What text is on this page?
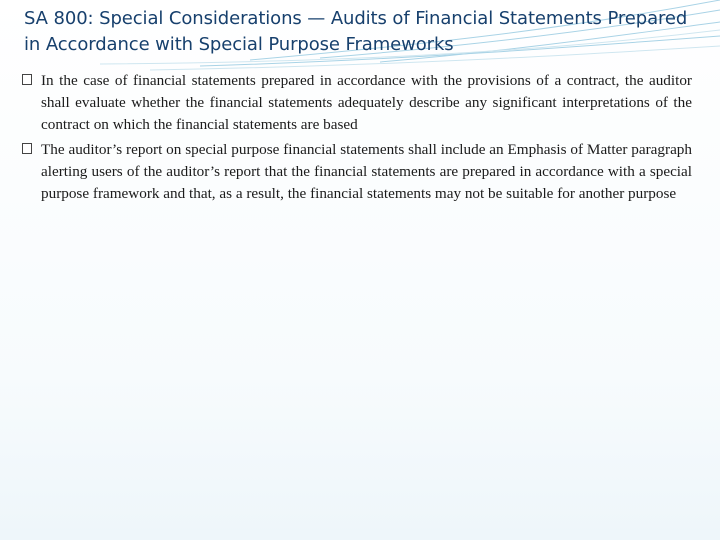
SA 800: Special Considerations — Audits of Financial Statements Prepared in Accordance with Special Purpose Frameworks

In the case of financial statements prepared in accordance with the provisions of a contract, the auditor shall evaluate whether the financial statements adequately describe any significant interpretations of the contract on which the financial statements are based

The auditor’s report on special purpose financial statements shall include an Emphasis of Matter paragraph alerting users of the auditor’s report that the financial statements are prepared in accordance with a special purpose framework and that, as a result, the financial statements may not be suitable for another purpose
